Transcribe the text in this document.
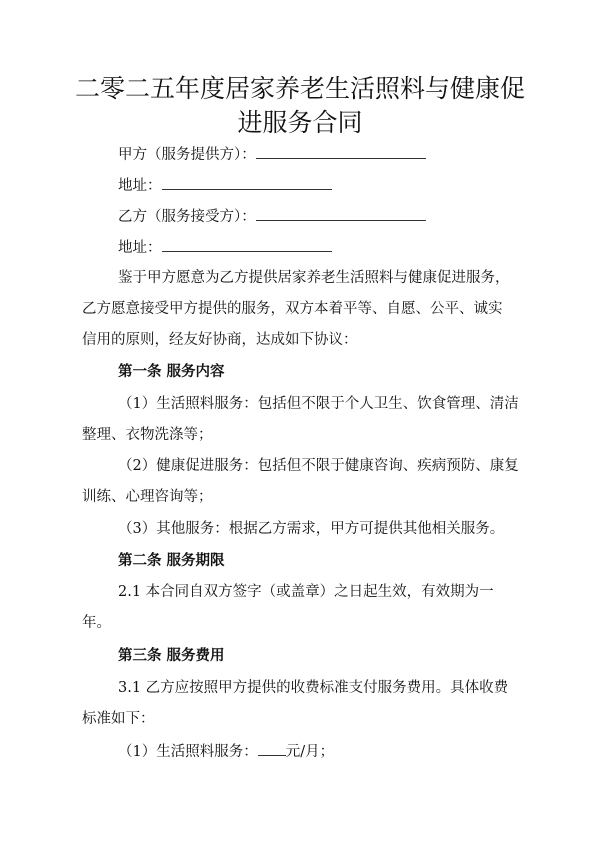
二零二五年度居家养老生活照料与健康促
进服务合同
甲方（服务提供方）：
地址：
乙方（服务接受方）：
地址：
鉴于甲方愿意为乙方提供居家养老生活照料与健康促进服务，
乙方愿意接受甲方提供的服务，双方本着平等、自愿、公平、诚实
信用的原则，经友好协商，达成如下协议：
第一条 服务内容
（1）生活照料服务：包括但不限于个人卫生、饮食管理、清洁
整理、衣物洗涤等；
（2）健康促进服务：包括但不限于健康咨询、疾病预防、康复
训练、心理咨询等；
（3）其他服务：根据乙方需求，甲方可提供其他相关服务。
第二条 服务期限
2.1 本合同自双方签字（或盖章）之日起生效，有效期为一
年。
第三条 服务费用
3.1 乙方应按照甲方提供的收费标准支付服务费用。具体收费
标准如下：
（1）生活照料服务： 元/月；
